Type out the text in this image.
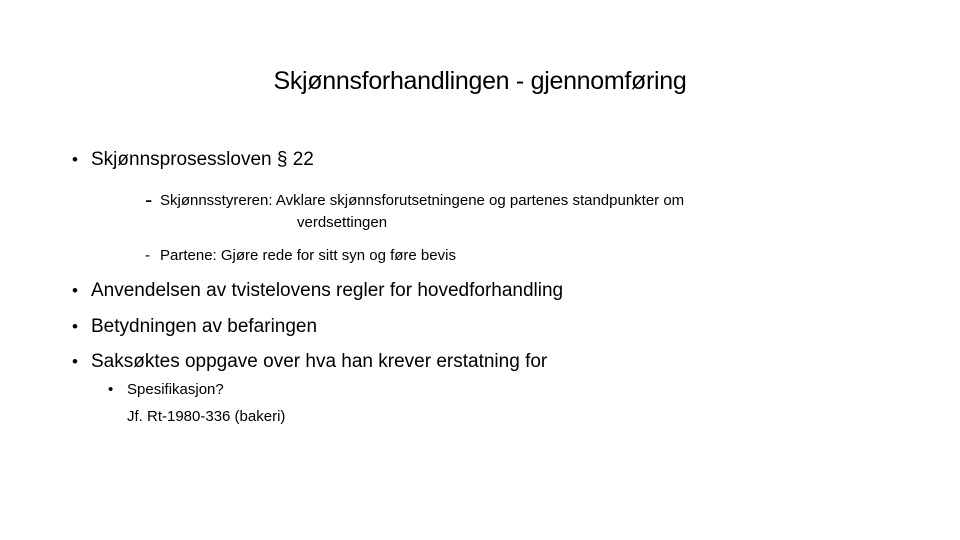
Skjønnsforhandlingen - gjennomføring
• Skjønnsprosessloven § 22
- Skjønnsstyreren: Avklare skjønnsforutsetningene og partenes standpunkter om
verdsettingen
- Partene: Gjøre rede for sitt syn og føre bevis
• Anvendelsen av tvistelovens regler for hovedforhandling
• Betydningen av befaringen
• Saksøktes oppgave over hva han krever erstatning for
• Spesifikasjon?
Jf. Rt-1980-336 (bakeri)
